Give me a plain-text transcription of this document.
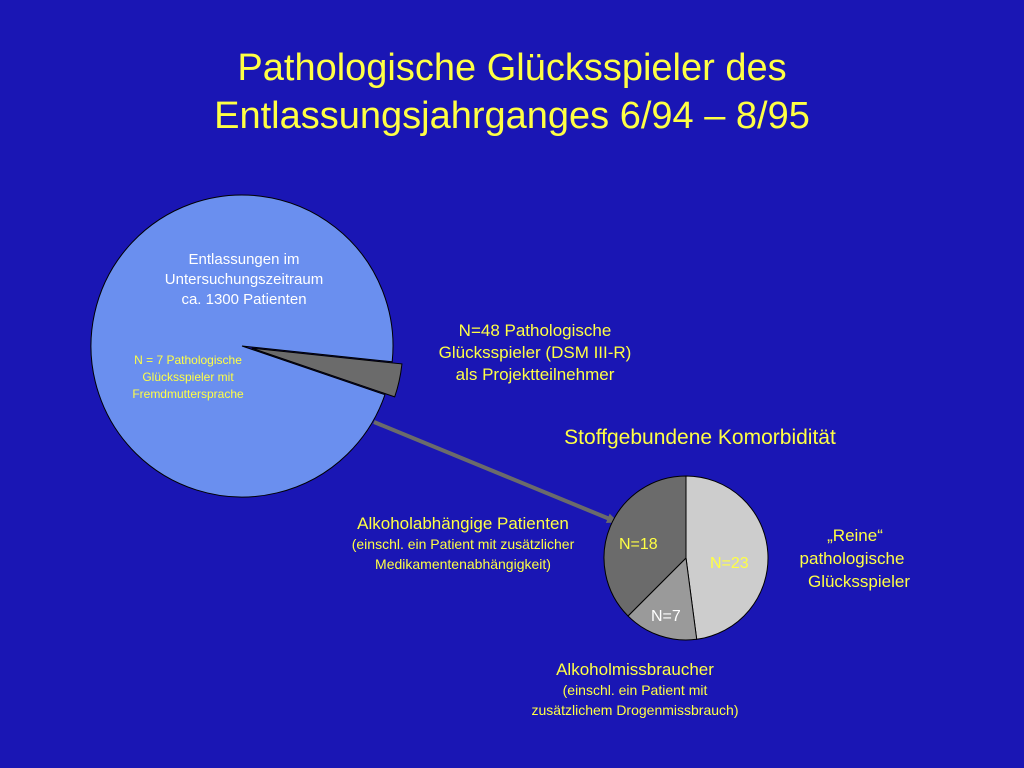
Pathologische Glücksspieler des
Entlassungsjahrganges 6/94 – 8/95
Entlassungen im
Untersuchungszeitraum
ca. 1300 Patienten
N = 7 Pathologische
Glücksspieler mit
Fremdmuttersprache
N=48 Pathologische
Glücksspieler (DSM III-R)
als Projektteilnehmer
Stoffgebundene Komorbidität
Alkoholabhängige Patienten
(einschl. ein Patient mit zusätzlicher
Medikamentenabhängigkeit)
„Reine“
pathologische
Glücksspieler
Alkoholmissbraucher
(einschl. ein Patient mit
zusätzlichem Drogenmissbrauch)
N=23
N=7
N=18
